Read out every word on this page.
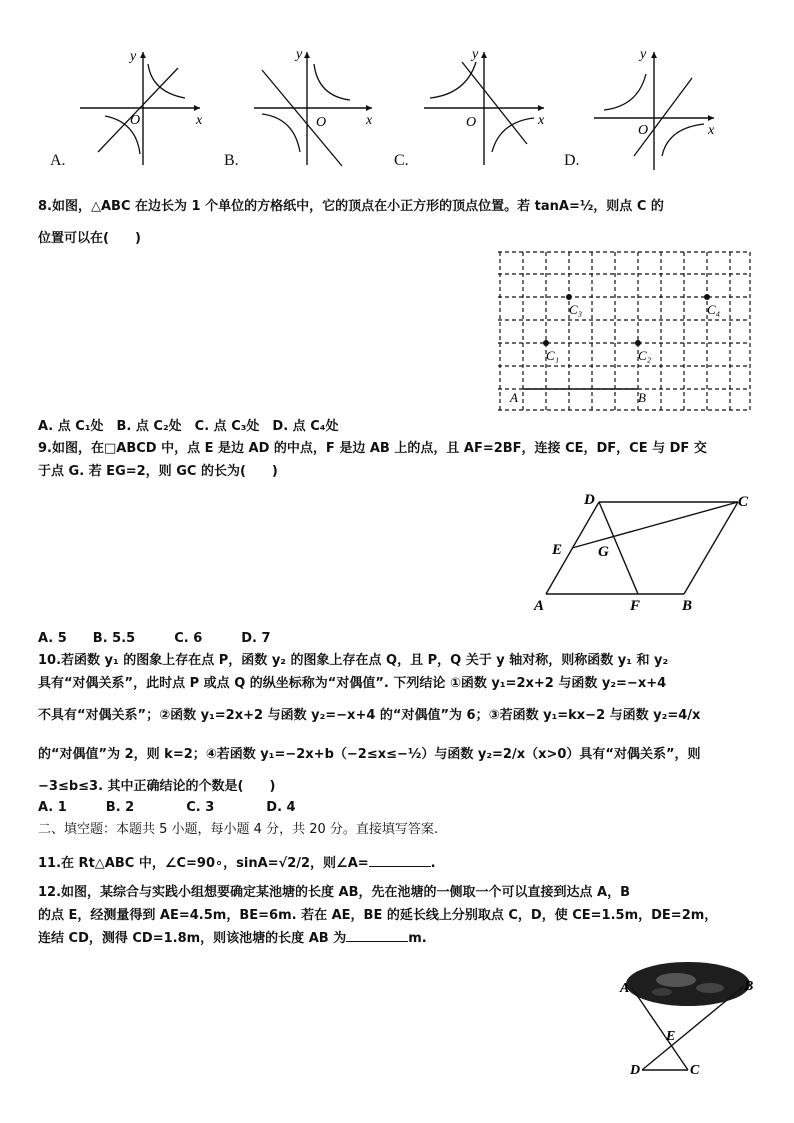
y
x
O
A.
y
x
O
B.
y
x
O
C.
y
x
O
D.
8.如图，△ABC 在边长为 1 个单位的方格纸中，它的顶点在小正方形的顶点位置。若 tanA=½，则点 C 的
位置可以在(　　)
A	B
C₃	C₄
C₁	C₂
A. 点 C₁处　B. 点 C₂处　C. 点 C₃处　D. 点 C₄处
9.如图，在□ABCD 中，点 E 是边 AD 的中点，F 是边 AB 上的点，且 AF=2BF，连接 CE，DF，CE 与 DF 交
于点 G. 若 EG=2，则 GC 的长为(　　)
A	B
C
D
E
F
G
A. 5　　B. 5.5　　　C. 6　　　D. 7
10.若函数 y₁ 的图象上存在点 P，函数 y₂ 的图象上存在点 Q，且 P，Q 关于 y 轴对称，则称函数 y₁ 和 y₂
具有“对偶关系”，此时点 P 或点 Q 的纵坐标称为“对偶值”. 下列结论 ①函数 y₁=2x+2 与函数 y₂=−x+4
不具有“对偶关系”；②函数 y₁=2x+2 与函数 y₂=−x+4 的“对偶值”为 6；③若函数 y₁=kx−2 与函数 y₂=4/x
的“对偶值”为 2，则 k=2；④若函数 y₁=−2x+b（−2≤x≤−½）与函数 y₂=2/x（x>0）具有“对偶关系”，则
−3≤b≤3. 其中正确结论的个数是(　　)
A. 1　　　B. 2　　　　C. 3　　　　D. 4
二、填空题：本题共 5 小题，每小题 4 分，共 20 分。直接填写答案.
11.在 Rt△ABC 中，∠C=90∘，sinA=√2/2，则∠A=	.
12.如图，某综合与实践小组想要确定某池塘的长度 AB，先在池塘的一侧取一个可以直接到达点 A，B
的点 E，经测量得到 AE=4.5m，BE=6m. 若在 AE，BE 的延长线上分别取点 C，D，使 CE=1.5m，DE=2m，
连结 CD，测得 CD=1.8m，则该池塘的长度 AB 为	m.
A	B
E
D	C
